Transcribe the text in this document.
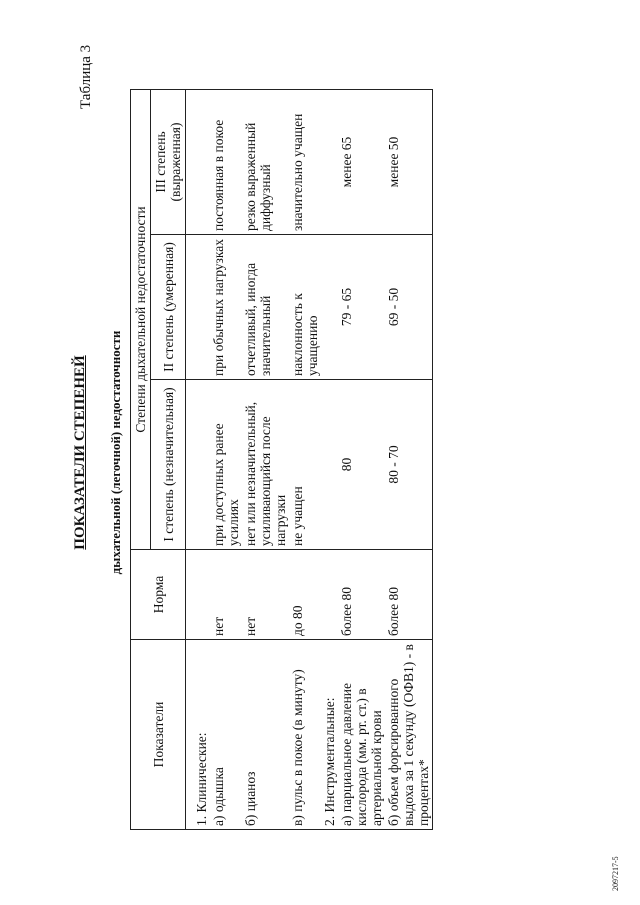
Таблица 3
ПОКАЗАТЕЛИ СТЕПЕНЕЙ дыхательной (легочной) недостаточности
Показатели	Норма	Степени дыхательной недостаточности		
		I степень (незначительная)	II степень (умеренная)	III степень (выраженная)
1. Клинические:				
а) одышка	нет	при доступных ранее усилиях	при обычных нагрузках	постоянная в покое
б) цианоз	нет	нет или незначительный, усиливающийся после нагрузки	отчетливый, иногда значительный	резко выраженный диффузный
в) пульс в покое (в минуту)	до 80	не учащен	наклонность к учащению	значительно учащен
2. Инструментальные:				
а) парциальное давление кислорода (мм. рт. ст.) в артериальной крови	более 80	80	79 - 65	менее 65
б) объем форсированного выдоха за 1 секунду (ОФВ1) - в процентах*	более 80	80 - 70	69 - 50	менее 50
2097217-5
